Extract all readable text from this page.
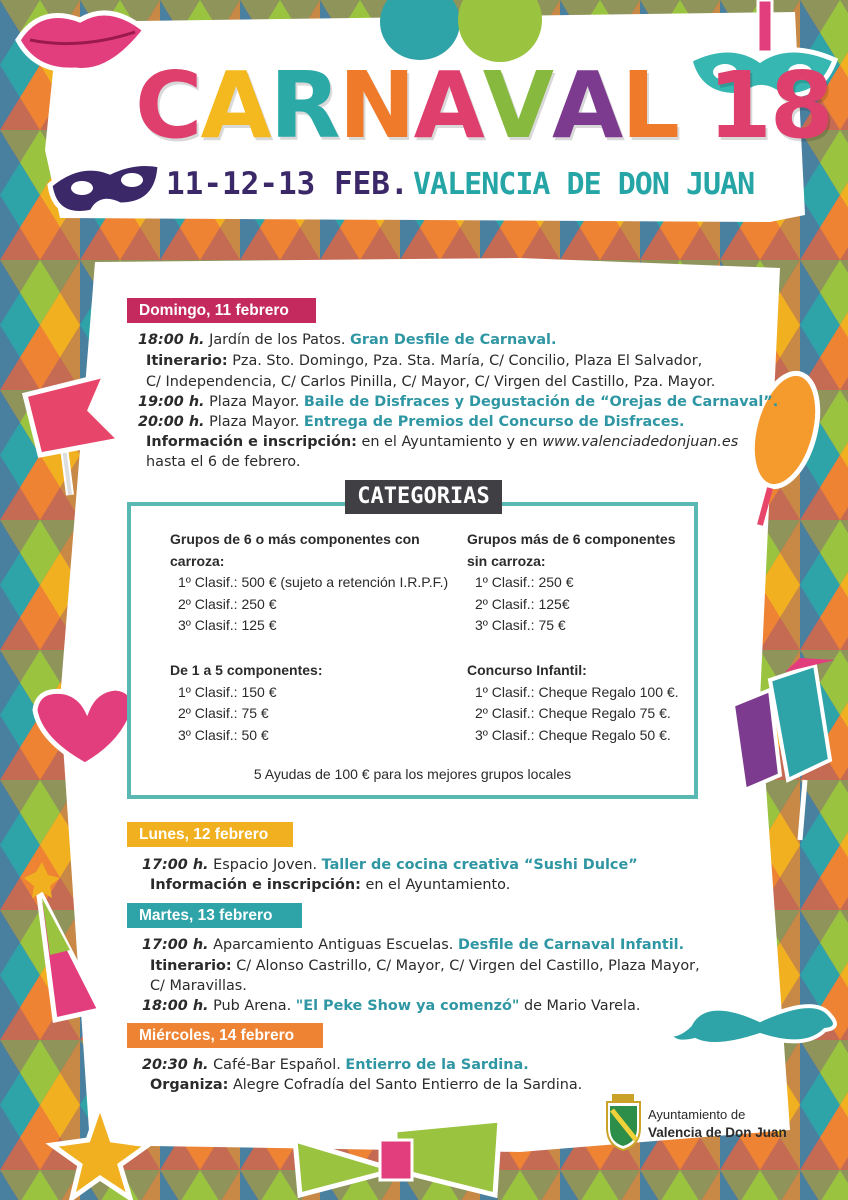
C A R N A V A L
1 8
11-12-13 FEB. VALENCIA DE DON JUAN
Domingo, 11 febrero
18:00 h. Jardín de los Patos. Gran Desfile de Carnaval.
Itinerario: Pza. Sto. Domingo, Pza. Sta. María, C/ Concilio, Plaza El Salvador,
C/ Independencia, C/ Carlos Pinilla, C/ Mayor, C/ Virgen del Castillo, Pza. Mayor.
19:00 h. Plaza Mayor. Baile de Disfraces y Degustación de “Orejas de Carnaval”.
20:00 h. Plaza Mayor. Entrega de Premios del Concurso de Disfraces.
Información e inscripción: en el Ayuntamiento y en www.valenciadedonjuan.es
hasta el 6 de febrero.
CATEGORIAS
Grupos de 6 o más componentes con
carroza:
1º Clasif.: 500 € (sujeto a retención I.R.P.F.)
2º Clasif.: 250 €
3º Clasif.: 125 €
Grupos más de 6 componentes
sin carroza:
1º Clasif.: 250 €
2º Clasif.: 125€
3º Clasif.: 75 €
De 1 a 5 componentes:
1º Clasif.: 150 €
2º Clasif.: 75 €
3º Clasif.: 50 €
Concurso Infantil:
1º Clasif.: Cheque Regalo 100 €.
2º Clasif.: Cheque Regalo 75 €.
3º Clasif.: Cheque Regalo 50 €.
5 Ayudas de 100 € para los mejores grupos locales
Lunes, 12 febrero
17:00 h. Espacio Joven. Taller de cocina creativa “Sushi Dulce”
Información e inscripción: en el Ayuntamiento.
Martes, 13 febrero
17:00 h. Aparcamiento Antiguas Escuelas. Desfile de Carnaval Infantil.
Itinerario: C/ Alonso Castrillo, C/ Mayor, C/ Virgen del Castillo, Plaza Mayor,
C/ Maravillas.
18:00 h. Pub Arena. "El Peke Show ya comenzó" de Mario Varela.
Miércoles, 14 febrero
20:30 h. Café-Bar Español. Entierro de la Sardina.
Organiza: Alegre Cofradía del Santo Entierro de la Sardina.
Ayuntamiento de
Valencia de Don Juan
